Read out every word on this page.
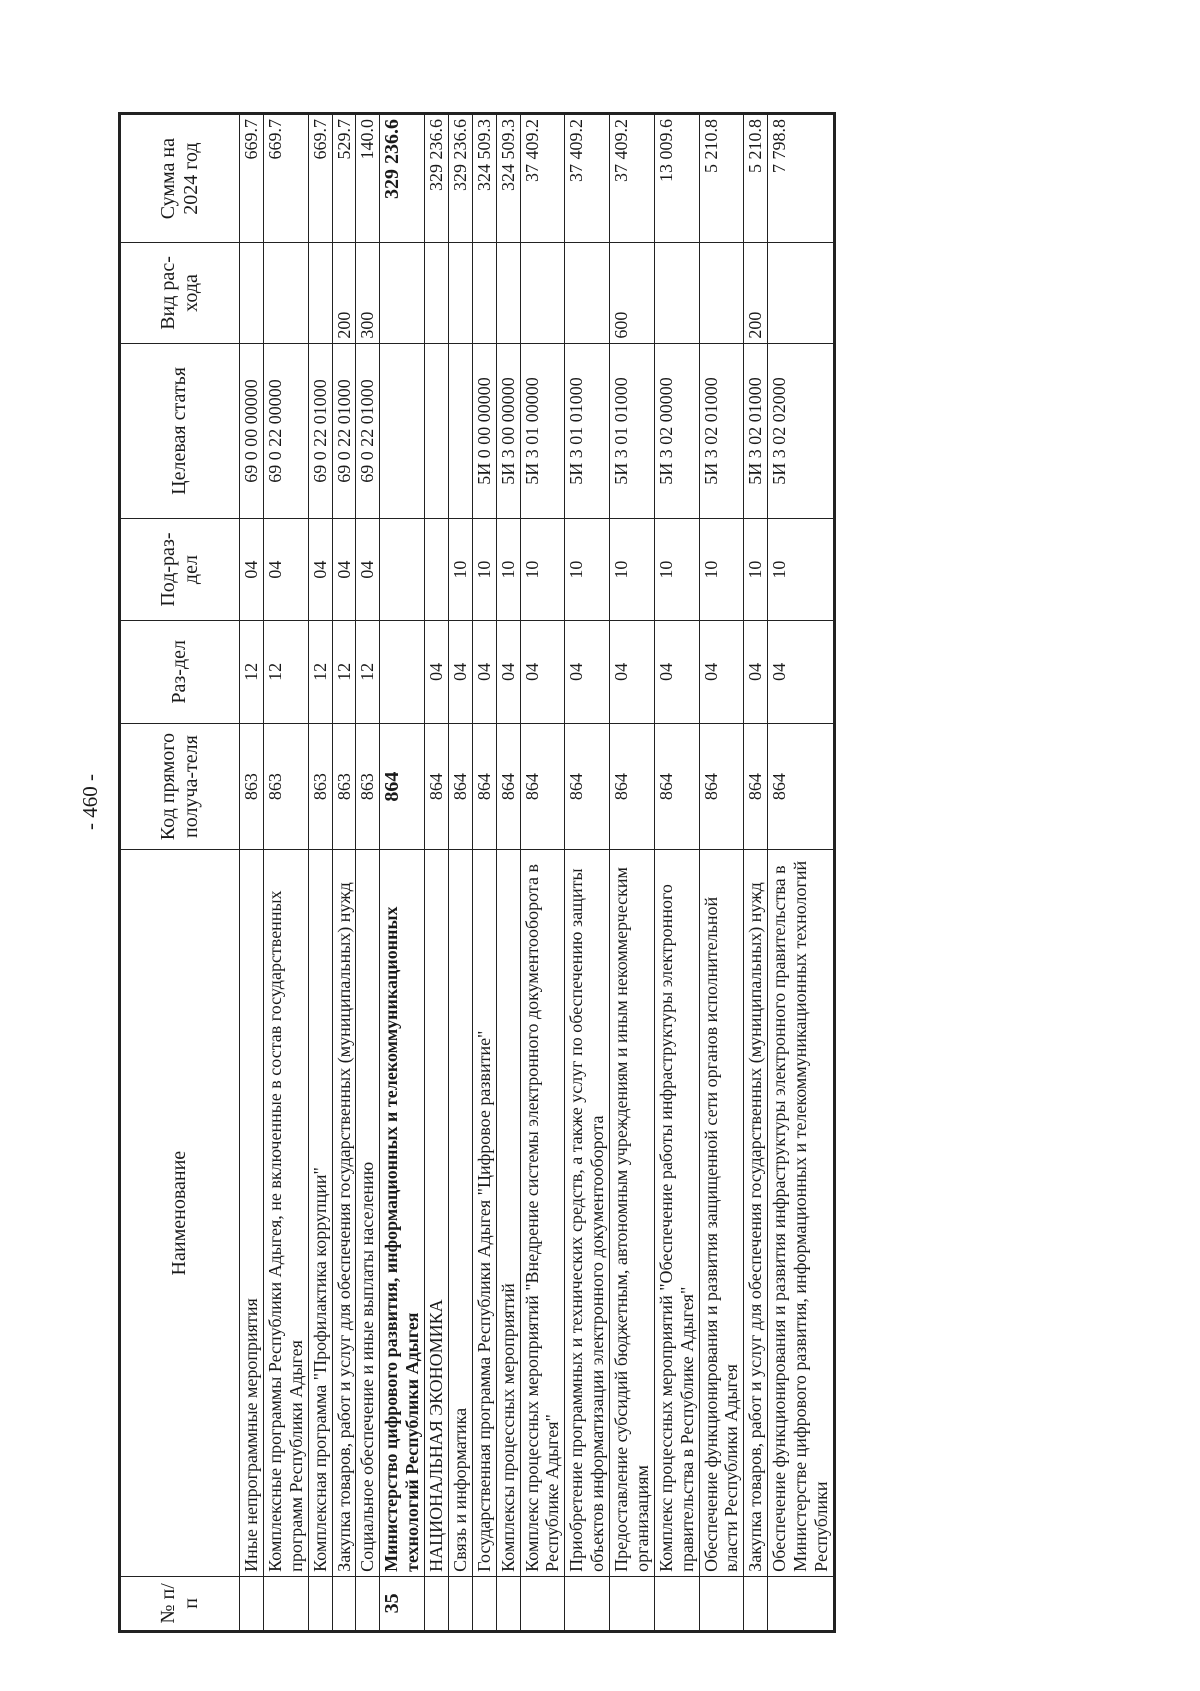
- 460 -
№ п/п	Наименование	Код прямого получа-теля	Раз-дел	Под-раз-дел	Целевая статья	Вид рас-хода	Сумма на 2024 год
	Иные непрограммные мероприятия	863	12	04	69 0 00 00000		669.7
	Комплексные программы Республики Адыгея, не включенные в состав государственных программ Республики Адыгея	863	12	04	69 0 22 00000		669.7
	Комплексная программа "Профилактика коррупции"	863	12	04	69 0 22 01000		669.7
	Закупка товаров, работ и услуг для обеспечения государственных (муниципальных) нужд	863	12	04	69 0 22 01000	200	529.7
	Социальное обеспечение и иные выплаты населению	863	12	04	69 0 22 01000	300	140.0
35	Министерство цифрового развития, информационных и телекоммуникационных технологий Республики Адыгея	864					329 236.6
	НАЦИОНАЛЬНАЯ ЭКОНОМИКА	864	04				329 236.6
	Связь и информатика	864	04	10			329 236.6
	Государственная программа Республики Адыгея "Цифровое развитие"	864	04	10	5И 0 00 00000		324 509.3
	Комплексы процессных мероприятий	864	04	10	5И 3 00 00000		324 509.3
	Комплекс процессных мероприятий "Внедрение системы электронного документооборота в Республике Адыгея"	864	04	10	5И 3 01 00000		37 409.2
	Приобретение программных и технических средств, а также услуг по обеспечению защиты объектов информатизации электронного документооборота	864	04	10	5И 3 01 01000		37 409.2
	Предоставление субсидий бюджетным, автономным учреждениям и иным некоммерческим организациям	864	04	10	5И 3 01 01000	600	37 409.2
	Комплекс процессных мероприятий "Обеспечение работы инфраструктуры электронного правительства в Республике Адыгея"	864	04	10	5И 3 02 00000		13 009.6
	Обеспечение функционирования и развития защищенной сети органов исполнительной власти Республики Адыгея	864	04	10	5И 3 02 01000		5 210.8
	Закупка товаров, работ и услуг для обеспечения государственных (муниципальных) нужд	864	04	10	5И 3 02 01000	200	5 210.8
	Обеспечение функционирования и развития инфраструктуры электронного правительства в Министерстве цифрового развития, информационных и телекоммуникационных технологий Республики	864	04	10	5И 3 02 02000		7 798.8
